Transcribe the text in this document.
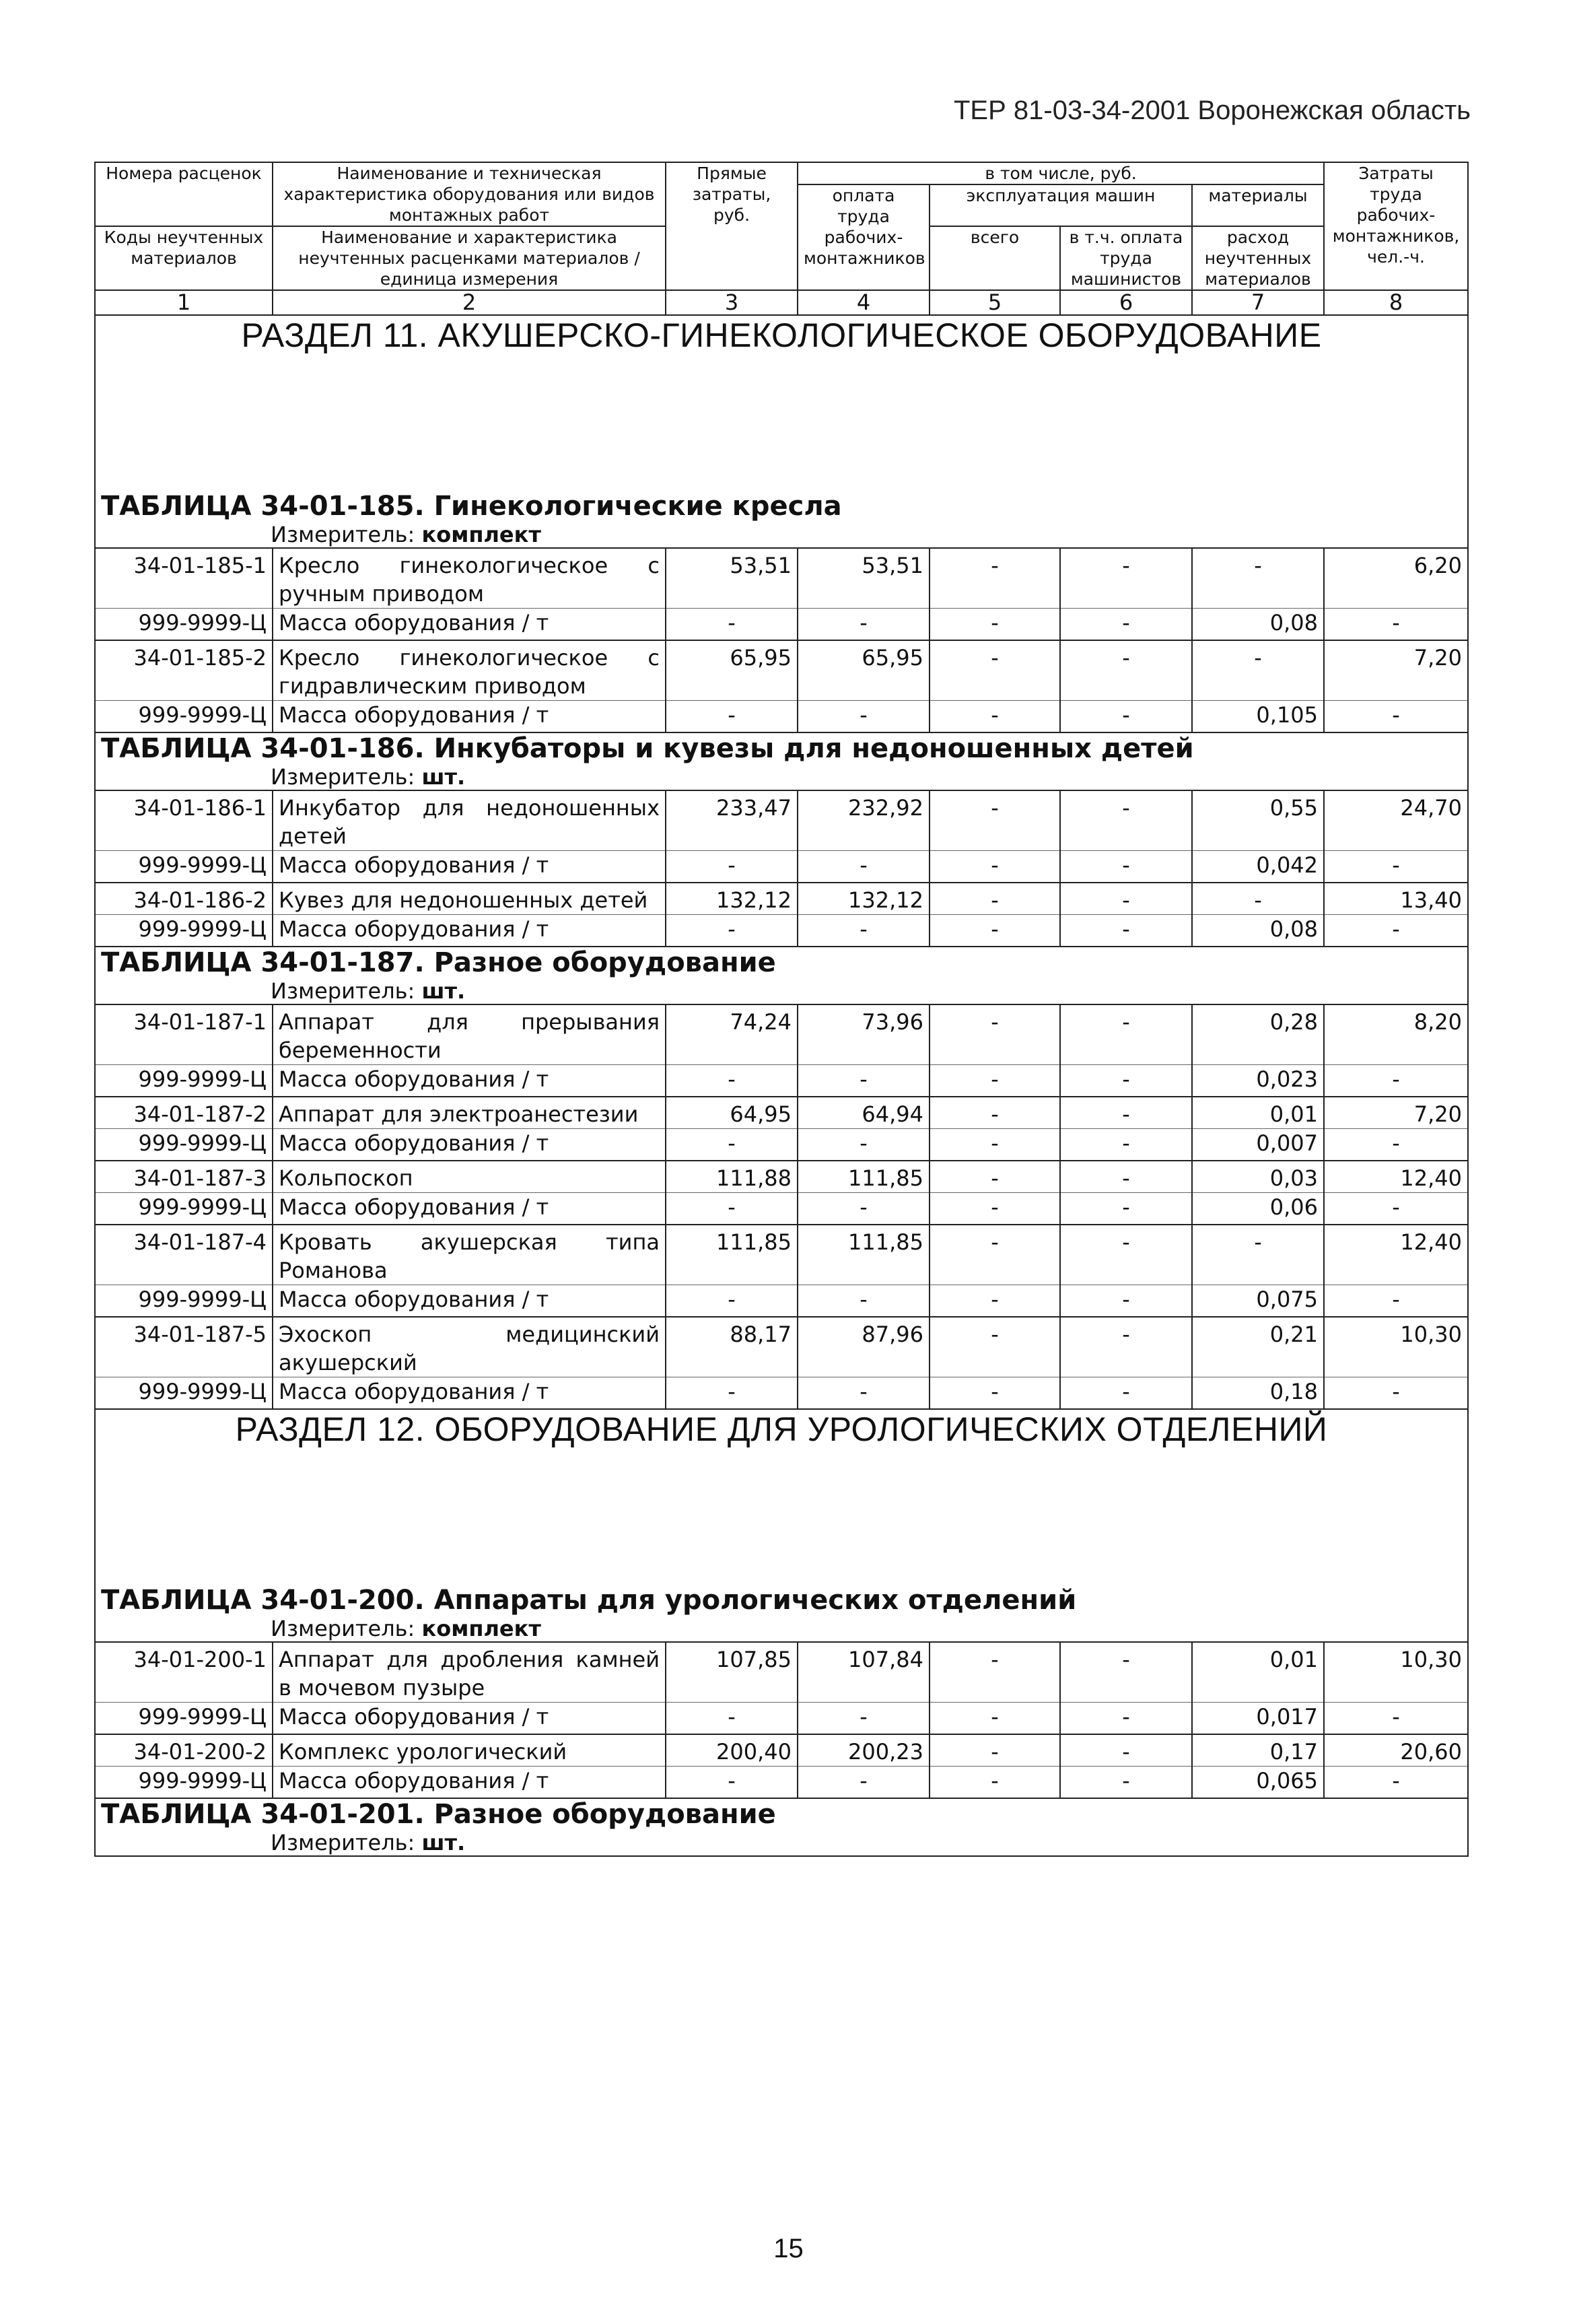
ТЕР 81-03-34-2001 Воронежская область
Номера расценок	Наименование и техническая характеристика оборудования или видов монтажных работ	Прямые затраты, руб.	в том числе, руб.				Затраты труда рабочих-монтажников, чел.-ч.
			оплата труда рабочих-монтажников	эксплуатация машин		материалы	
Коды неучтенных материалов	Наименование и характеристика неучтенных расценками материалов / единица измерения			всего	в т.ч. оплата труда машинистов	расход неучтенных материалов	

1	2	3	4	5	6	7	8
РАЗДЕЛ 11. АКУШЕРСКО-ГИНЕКОЛОГИЧЕСКОЕ ОБОРУДОВАНИЕ							
ТАБЛИЦА 34-01-185. Гинекологические кресла							
Измеритель: комплект							
34-01-185-1	Кресло гинекологическое с ручным приводом	53,51	53,51	-	-	-	6,20
999-9999-Ц	Масса оборудования / т	-	-	-	-	0,08	-
34-01-185-2	Кресло гинекологическое с гидравлическим приводом	65,95	65,95	-	-	-	7,20
999-9999-Ц	Масса оборудования / т	-	-	-	-	0,105	-
ТАБЛИЦА 34-01-186. Инкубаторы и кувезы для недоношенных детей							
Измеритель: шт.							
34-01-186-1	Инкубатор для недоношенных детей	233,47	232,92	-	-	0,55	24,70
999-9999-Ц	Масса оборудования / т	-	-	-	-	0,042	-
34-01-186-2	Кувез для недоношенных детей	132,12	132,12	-	-	-	13,40
999-9999-Ц	Масса оборудования / т	-	-	-	-	0,08	-
ТАБЛИЦА 34-01-187. Разное оборудование							
Измеритель: шт.							
34-01-187-1	Аппарат для прерывания беременности	74,24	73,96	-	-	0,28	8,20
999-9999-Ц	Масса оборудования / т	-	-	-	-	0,023	-
34-01-187-2	Аппарат для электроанестезии	64,95	64,94	-	-	0,01	7,20
999-9999-Ц	Масса оборудования / т	-	-	-	-	0,007	-
34-01-187-3	Кольпоскоп	111,88	111,85	-	-	0,03	12,40
999-9999-Ц	Масса оборудования / т	-	-	-	-	0,06	-
34-01-187-4	Кровать акушерская типа Романова	111,85	111,85	-	-	-	12,40
999-9999-Ц	Масса оборудования / т	-	-	-	-	0,075	-
34-01-187-5	Эхоскоп медицинский акушерский	88,17	87,96	-	-	0,21	10,30
999-9999-Ц	Масса оборудования / т	-	-	-	-	0,18	-
РАЗДЕЛ 12. ОБОРУДОВАНИЕ ДЛЯ УРОЛОГИЧЕСКИХ ОТДЕЛЕНИЙ							
ТАБЛИЦА 34-01-200. Аппараты для урологических отделений							
Измеритель: комплект							
34-01-200-1	Аппарат для дробления камней в мочевом пузыре	107,85	107,84	-	-	0,01	10,30
999-9999-Ц	Масса оборудования / т	-	-	-	-	0,017	-
34-01-200-2	Комплекс урологический	200,40	200,23	-	-	0,17	20,60
999-9999-Ц	Масса оборудования / т	-	-	-	-	0,065	-
ТАБЛИЦА 34-01-201. Разное оборудование							
Измеритель: шт.							

15
